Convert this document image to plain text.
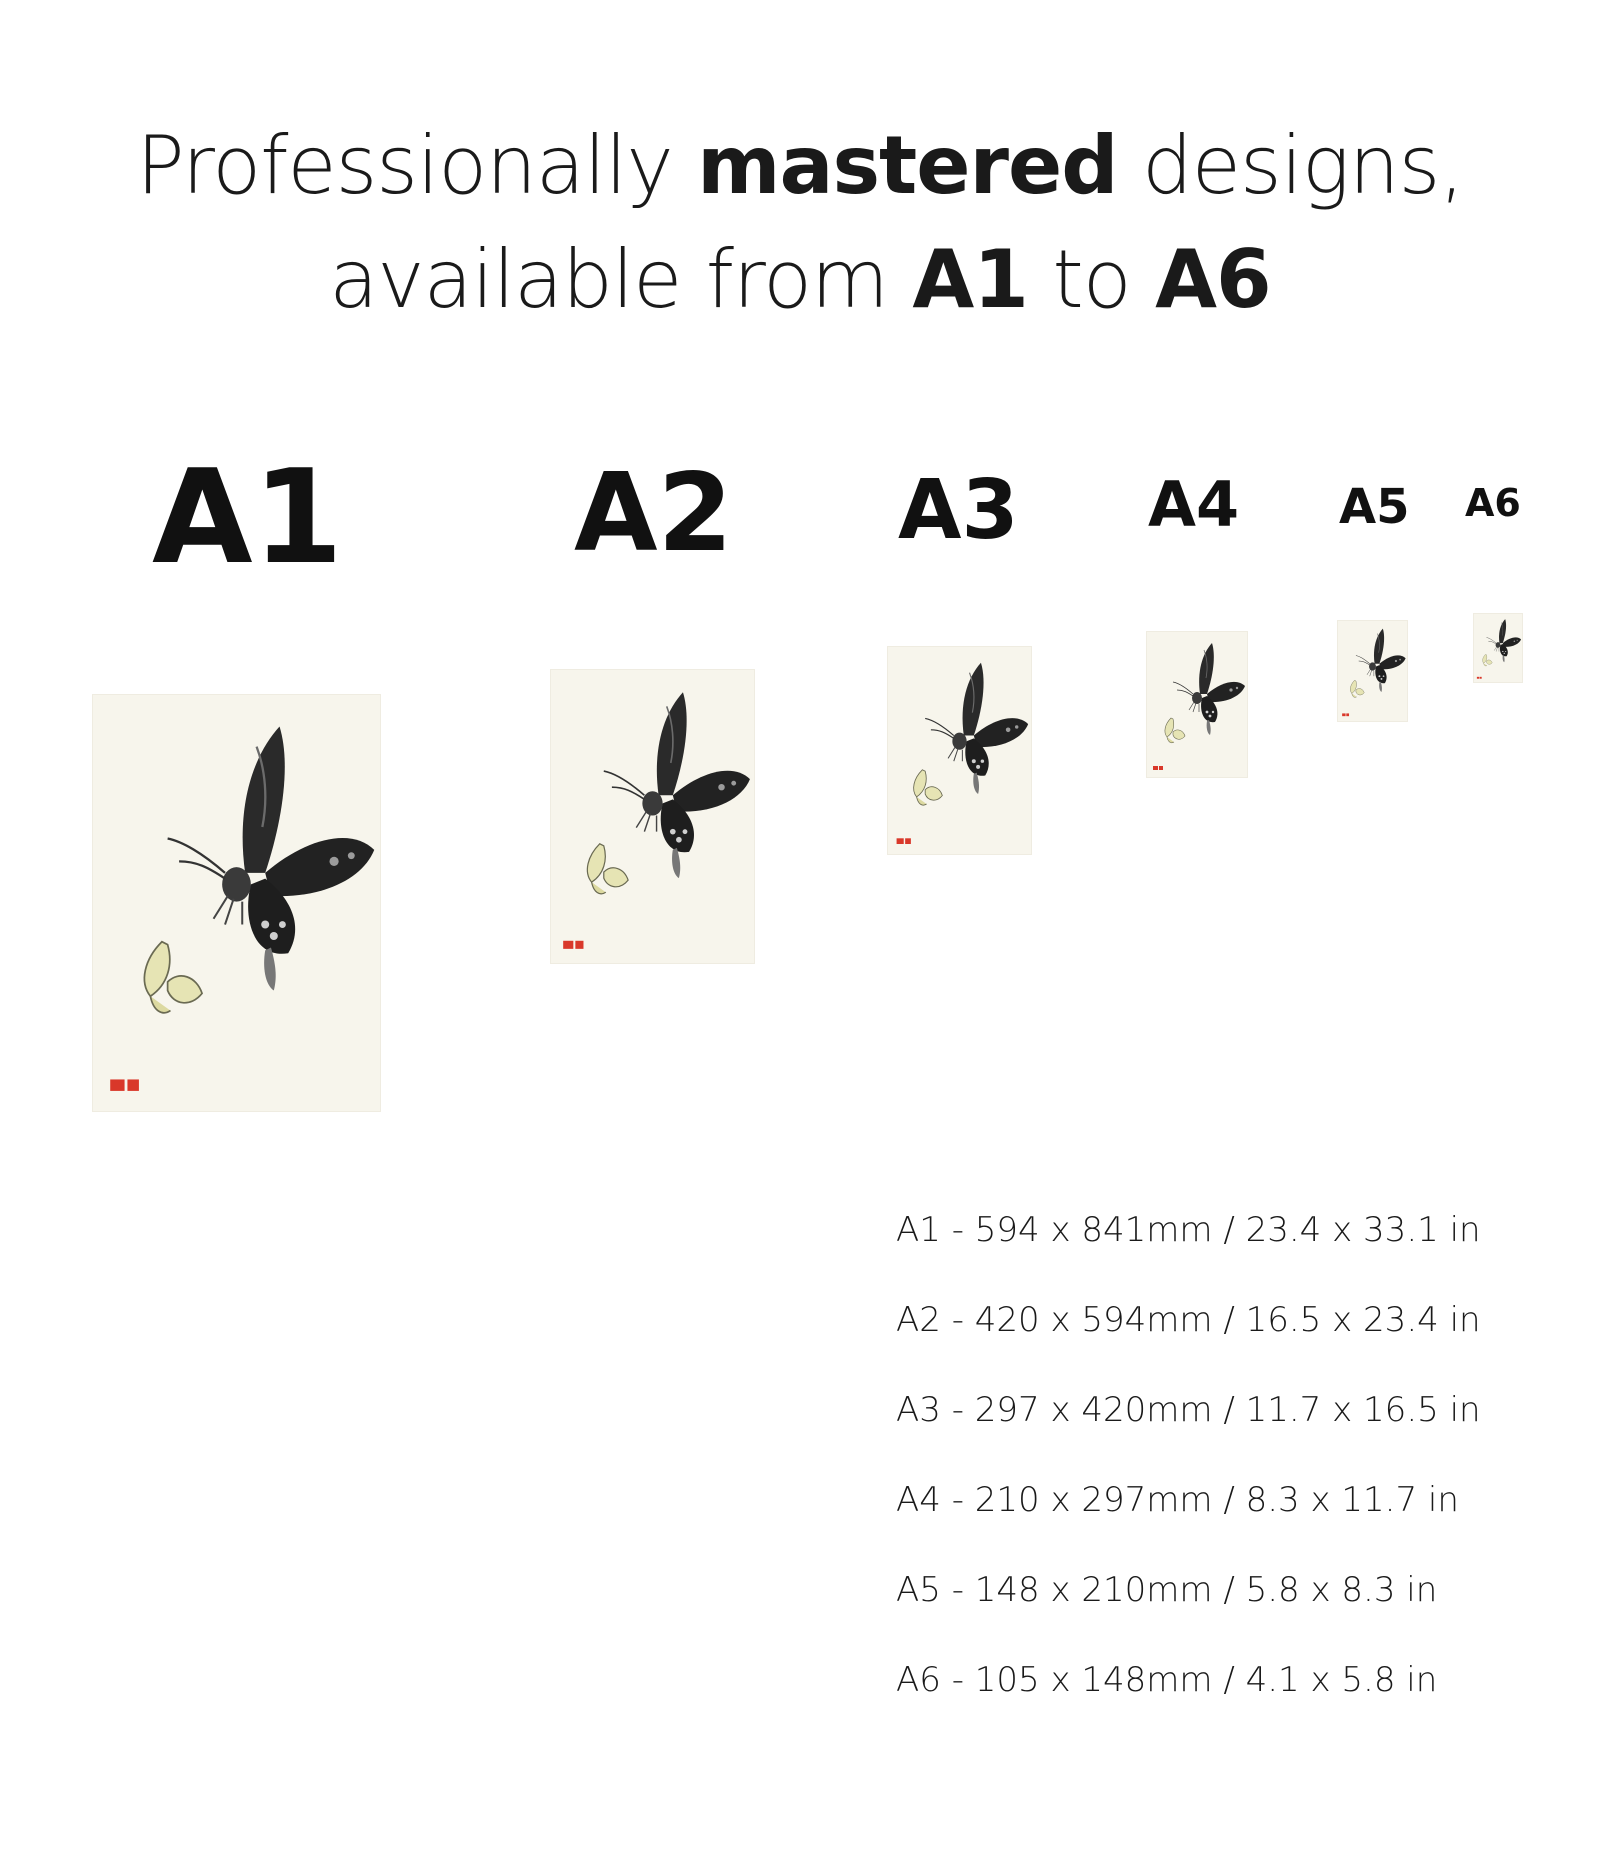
Professionally mastered designs,
available from A1 to A6
A1 A2 A3 A4 A5 A6
A1 - 594 x 841mm / 23.4 x 33.1 in
A2 - 420 x 594mm / 16.5 x 23.4 in
A3 - 297 x 420mm / 11.7 x 16.5 in
A4 - 210 x 297mm / 8.3 x 11.7 in
A5 - 148 x 210mm / 5.8 x 8.3 in
A6 - 105 x 148mm / 4.1 x 5.8 in
